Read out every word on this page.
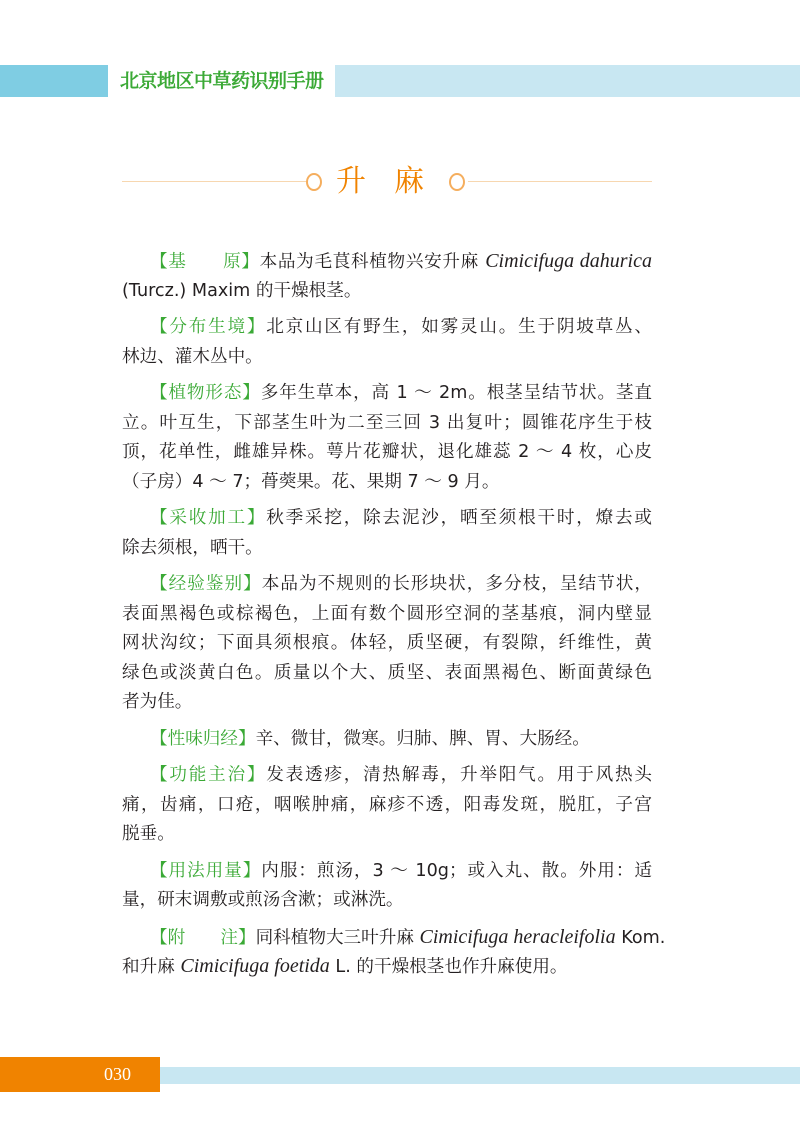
北京地区中草药识别手册
升 麻
【基　　原】本品为毛茛科植物兴安升麻 Cimicifuga dahurica
(Turcz.) Maxim 的干燥根茎。
【分布生境】北京山区有野生，如雾灵山。生于阴坡草丛、
林边、灌木丛中。
【植物形态】多年生草本，高 1 ～ 2m。根茎呈结节状。茎直
立。叶互生，下部茎生叶为二至三回 3 出复叶；圆锥花序生于枝
顶，花单性，雌雄异株。萼片花瓣状，退化雄蕊 2 ～ 4 枚，心皮
（子房）4 ～ 7；蓇葖果。花、果期 7 ～ 9 月。
【采收加工】秋季采挖，除去泥沙，晒至须根干时，燎去或
除去须根，晒干。
【经验鉴别】本品为不规则的长形块状，多分枝，呈结节状，
表面黑褐色或棕褐色，上面有数个圆形空洞的茎基痕，洞内壁显
网状沟纹；下面具须根痕。体轻，质坚硬，有裂隙，纤维性，黄
绿色或淡黄白色。质量以个大、质坚、表面黑褐色、断面黄绿色
者为佳。
【性味归经】辛、微甘，微寒。归肺、脾、胃、大肠经。
【功能主治】发表透疹，清热解毒，升举阳气。用于风热头
痛，齿痛，口疮，咽喉肿痛，麻疹不透，阳毒发斑，脱肛，子宫
脱垂。
【用法用量】内服：煎汤，3 ～ 10g；或入丸、散。外用：适
量，研末调敷或煎汤含漱；或淋洗。
【附　　注】同科植物大三叶升麻 Cimicifuga heracleifolia Kom.
和升麻 Cimicifuga foetida L. 的干燥根茎也作升麻使用。
030
